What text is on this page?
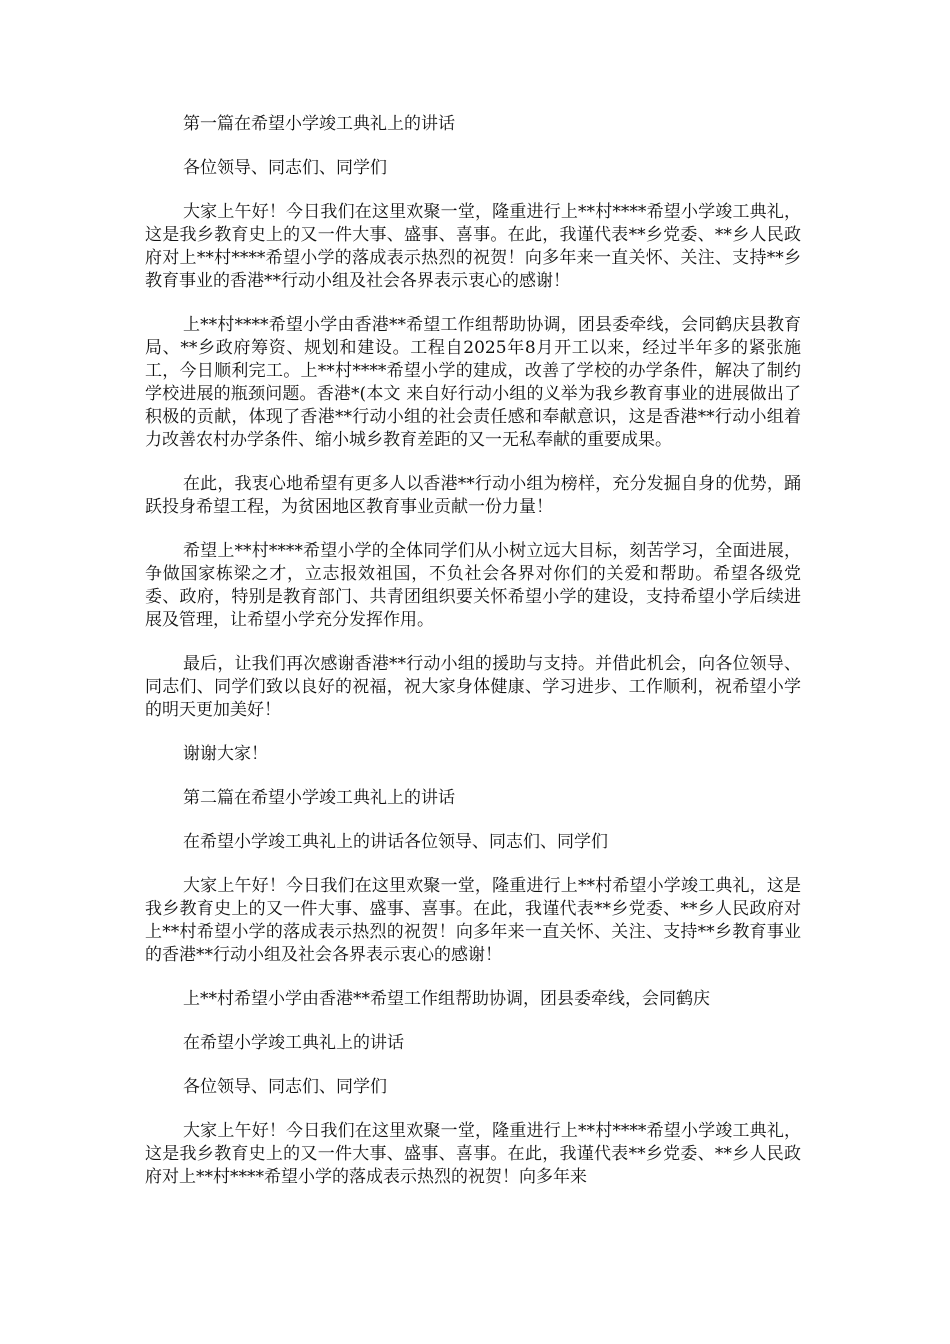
第一篇在希望小学竣工典礼上的讲话

各位领导、同志们、同学们

大家上午好！今日我们在这里欢聚一堂，隆重进行上**村****希望小学竣工典礼，这是我乡教育史上的又一件大事、盛事、喜事。在此，我谨代表**乡党委、**乡人民政府对上**村****希望小学的落成表示热烈的祝贺！向多年来一直关怀、关注、支持**乡教育事业的香港**行动小组及社会各界表示衷心的感谢！

上**村****希望小学由香港**希望工作组帮助协调，团县委牵线，会同鹤庆县教育局、**乡政府筹资、规划和建设。工程自2025年8月开工以来，经过半年多的紧张施工，今日顺利完工。上**村****希望小学的建成，改善了学校的办学条件，解决了制约学校进展的瓶颈问题。香港*(本文 来自好行动小组的义举为我乡教育事业的进展做出了积极的贡献，体现了香港**行动小组的社会责任感和奉献意识，这是香港**行动小组着力改善农村办学条件、缩小城乡教育差距的又一无私奉献的重要成果。

在此，我衷心地希望有更多人以香港**行动小组为榜样，充分发掘自身的优势，踊跃投身希望工程，为贫困地区教育事业贡献一份力量！

希望上**村****希望小学的全体同学们从小树立远大目标，刻苦学习，全面进展，争做国家栋梁之才，立志报效祖国，不负社会各界对你们的关爱和帮助。希望各级党委、政府，特别是教育部门、共青团组织要关怀希望小学的建设，支持希望小学后续进展及管理，让希望小学充分发挥作用。

最后，让我们再次感谢香港**行动小组的援助与支持。并借此机会，向各位领导、同志们、同学们致以良好的祝福，祝大家身体健康、学习进步、工作顺利，祝希望小学的明天更加美好！

谢谢大家！

第二篇在希望小学竣工典礼上的讲话

在希望小学竣工典礼上的讲话各位领导、同志们、同学们

大家上午好！今日我们在这里欢聚一堂，隆重进行上**村希望小学竣工典礼，这是我乡教育史上的又一件大事、盛事、喜事。在此，我谨代表**乡党委、**乡人民政府对上**村希望小学的落成表示热烈的祝贺！向多年来一直关怀、关注、支持**乡教育事业的香港**行动小组及社会各界表示衷心的感谢！

上**村希望小学由香港**希望工作组帮助协调，团县委牵线，会同鹤庆

在希望小学竣工典礼上的讲话

各位领导、同志们、同学们

大家上午好！今日我们在这里欢聚一堂，隆重进行上**村****希望小学竣工典礼，这是我乡教育史上的又一件大事、盛事、喜事。在此，我谨代表**乡党委、**乡人民政府对上**村****希望小学的落成表示热烈的祝贺！向多年来
